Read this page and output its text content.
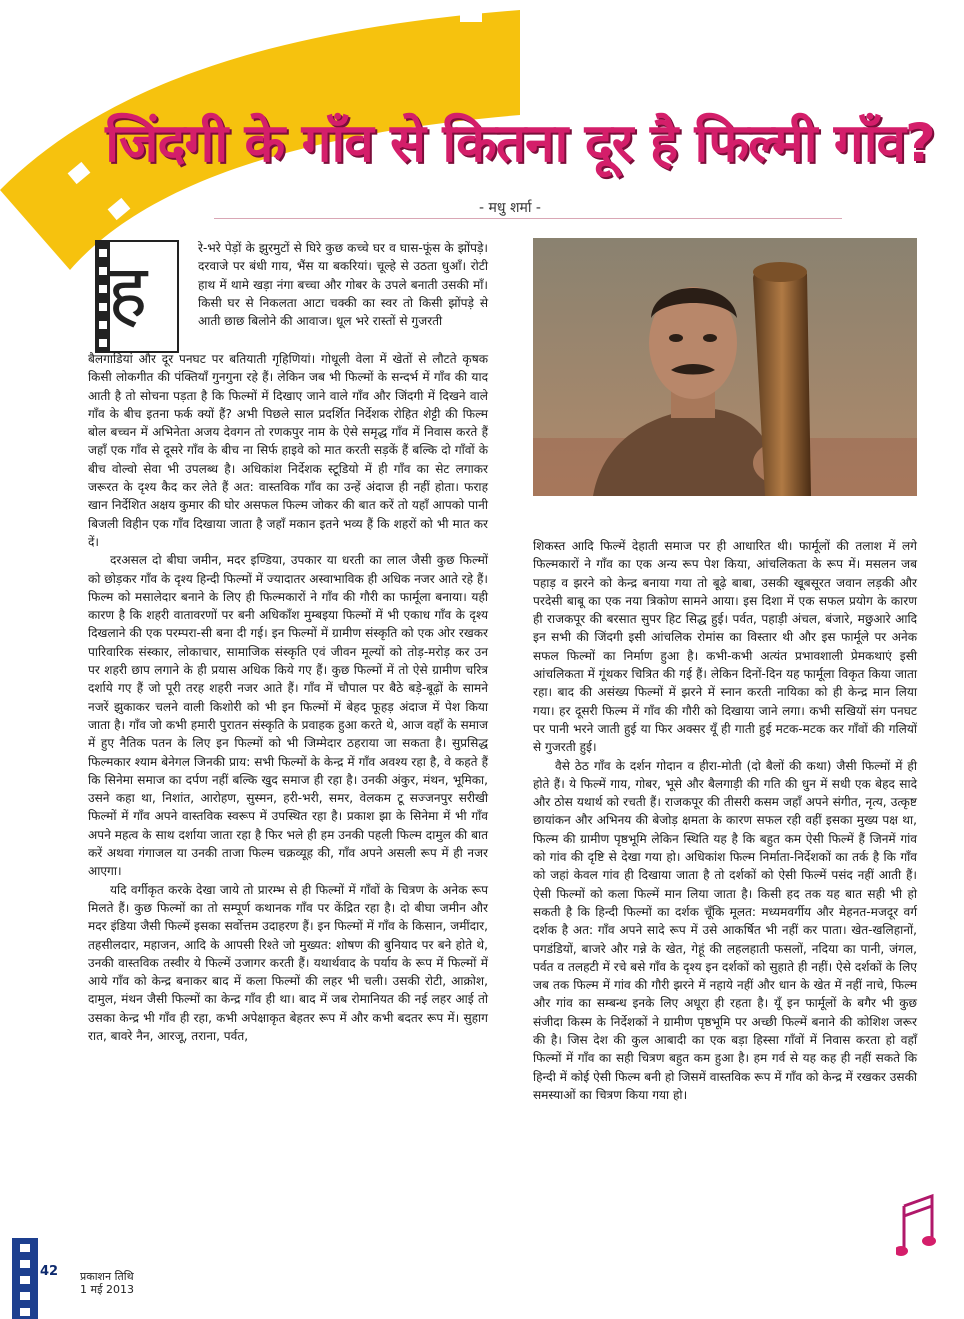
जिंदगी के गाँव से कितना दूर है फिल्मी गाँव?
- मधु शर्मा -
ह

रे-भरे पेड़ों के झुरमुटों से घिरे कुछ कच्चे घर व घास-फूंस के झोंपड़े। दरवाजे पर बंधी गाय, भैंस या बकरियां। चूल्हे से उठता धुआँ। रोटी हाथ में थामे खड़ा नंगा बच्चा और गोबर के उपले बनाती उसकी माँ। किसी घर से निकलता आटा चक्की का स्वर तो किसी झोंपड़े से आती छाछ बिलोने की आवाज। धूल भरे रास्तों से गुजरती

बैलगाडियां और दूर पनघट पर बतियाती गृहिणियां। गोधूली वेला में खेतों से लौटते कृषक किसी लोकगीत की पंक्तियाँ गुनगुना रहे हैं। लेकिन जब भी फिल्मों के सन्दर्भ में गाँव की याद आती है तो सोचना पड़ता है कि फिल्मों में दिखाए जाने वाले गाँव और जिंदगी में दिखने वाले गाँव के बीच इतना फर्क क्यों हैं? अभी पिछले साल प्रदर्शित निर्देशक रोहित शेट्टी की फिल्म बोल बच्चन में अभिनेता अजय देवगन तो रणकपुर नाम के ऐसे समृद्ध गाँव में निवास करते हैं जहाँ एक गाँव से दूसरे गाँव के बीच ना सिर्फ हाइवे को मात करती सड़कें हैं बल्कि दो गाँवों के बीच वोल्वो सेवा भी उपलब्ध है। अधिकांश निर्देशक स्टूडियो में ही गाँव का सेट लगाकर जरूरत के दृश्य कैद कर लेते हैं अत: वास्तविक गाँव का उन्हें अंदाज ही नहीं होता। फराह खान निर्देशित अक्षय कुमार की घोर असफल फिल्म जोकर की बात करें तो यहाँ आपको पानी बिजली विहीन एक गाँव दिखाया जाता है जहाँ मकान इतने भव्य हैं कि शहरों को भी मात कर दें।

दरअसल दो बीघा जमीन, मदर इण्डिया, उपकार या धरती का लाल जैसी कुछ फिल्मों को छोड़कर गाँव के दृश्य हिन्दी फिल्मों में ज्यादातर अस्वाभाविक ही अधिक नजर आते रहे हैं। फिल्म को मसालेदार बनाने के लिए ही फिल्मकारों ने गाँव की गौरी का फार्मूला बनाया। यही कारण है कि शहरी वातावरणों पर बनी अधिकाँश मुम्बइया फिल्मों में भी एकाध गाँव के दृश्य दिखलाने की एक परम्परा-सी बना दी गई। इन फिल्मों में ग्रामीण संस्कृति को एक ओर रखकर पारिवारिक संस्कार, लोकाचार, सामाजिक संस्कृति एवं जीवन मूल्यों को तोड़-मरोड़ कर उन पर शहरी छाप लगाने के ही प्रयास अधिक किये गए हैं। कुछ फिल्मों में तो ऐसे ग्रामीण चरित्र दर्शाये गए हैं जो पूरी तरह शहरी नजर आते हैं। गाँव में चौपाल पर बैठे बड़े-बूढ़ों के सामने नजरें झुकाकर चलने वाली किशोरी को भी इन फिल्मों में बेहद फूहड़ अंदाज में पेश किया जाता है। गाँव जो कभी हमारी पुरातन संस्कृति के प्रवाहक हुआ करते थे, आज वहाँ के समाज में हुए नैतिक पतन के लिए इन फिल्मों को भी जिम्मेदार ठहराया जा सकता है। सुप्रसिद्ध फिल्मकार श्याम बेनेगल जिनकी प्राय: सभी फिल्मों के केन्द्र में गाँव अवश्य रहा है, वे कहते हैं कि सिनेमा समाज का दर्पण नहीं बल्कि खुद समाज ही रहा है। उनकी अंकुर, मंथन, भूमिका, उसने कहा था, निशांत, आरोहण, सुस्मन, हरी-भरी, समर, वेलकम टू सज्जनपुर सरीखी फिल्मों में गाँव अपने वास्तविक स्वरूप में उपस्थित रहा है। प्रकाश झा के सिनेमा में भी गाँव अपने महत्व के साथ दर्शाया जाता रहा है फिर भले ही हम उनकी पहली फिल्म दामुल की बात करें अथवा गंगाजल या उनकी ताजा फिल्म चक्रव्यूह की, गाँव अपने असली रूप में ही नजर आएगा।

यदि वर्गीकृत करके देखा जाये तो प्रारम्भ से ही फिल्मों में गाँवों के चित्रण के अनेक रूप मिलते हैं। कुछ फिल्मों का तो सम्पूर्ण कथानक गाँव पर केंद्रित रहा है। दो बीघा जमीन और मदर इंडिया जैसी फिल्में इसका सर्वोत्तम उदाहरण हैं। इन फिल्मों में गाँव के किसान, जमींदार, तहसीलदार, महाजन, आदि के आपसी रिश्ते जो मुख्यत: शोषण की बुनियाद पर बने होते थे, उनकी वास्तविक तस्वीर ये फिल्में उजागर करती हैं। यथार्थवाद के पर्याय के रूप में फिल्मों में आये गाँव को केन्द्र बनाकर बाद में कला फिल्मों की लहर भी चली। उसकी रोटी, आक्रोश, दामुल, मंथन जैसी फिल्मों का केन्द्र गाँव ही था। बाद में जब रोमानियत की नई लहर आई तो उसका केन्द्र भी गाँव ही रहा, कभी अपेक्षाकृत बेहतर रूप में और कभी बदतर रूप में। सुहाग रात, बावरे नैन, आरजू, तराना, पर्वत,

शिकस्त आदि फिल्में देहाती समाज पर ही आधारित थी। फार्मूलों की तलाश में लगे फिल्मकारों ने गाँव का एक अन्य रूप पेश किया, आंचलिकता के रूप में। मसलन जब पहाड़ व झरने को केन्द्र बनाया गया तो बूढ़े बाबा, उसकी खूबसूरत जवान लड़की और परदेसी बाबू का एक नया त्रिकोण सामने आया। इस दिशा में एक सफल प्रयोग के कारण ही राजकपूर की बरसात सुपर हिट सिद्ध हुई। पर्वत, पहाड़ी अंचल, बंजारे, मछुआरे आदि इन सभी की जिंदगी इसी आंचलिक रोमांस का विस्तार थी और इस फार्मूले पर अनेक सफल फिल्मों का निर्माण हुआ है। कभी-कभी अत्यंत प्रभावशाली प्रेमकथाएं इसी आंचलिकता में गूंथकर चित्रित की गई हैं। लेकिन दिनों-दिन यह फार्मूला विकृत किया जाता रहा। बाद की असंख्य फिल्मों में झरने में स्नान करती नायिका को ही केन्द्र मान लिया गया। हर दूसरी फिल्म में गाँव की गौरी को दिखाया जाने लगा। कभी सखियों संग पनघट पर पानी भरने जाती हुई या फिर अक्सर यूँ ही गाती हुई मटक-मटक कर गाँवों की गलियों से गुजरती हुई।

वैसे ठेठ गाँव के दर्शन गोदान व हीरा-मोती (दो बैलों की कथा) जैसी फिल्मों में ही होते हैं। ये फिल्में गाय, गोबर, भूसे और बैलगाड़ी की गति की धुन में सधी एक बेहद सादे और ठोस यथार्थ को रचती हैं। राजकपूर की तीसरी कसम जहाँ अपने संगीत, नृत्य, उत्कृष्ट छायांकन और अभिनय की बेजोड़ क्षमता के कारण सफल रही वहीं इसका मुख्य पक्ष था, फिल्म की ग्रामीण पृष्ठभूमि लेकिन स्थिति यह है कि बहुत कम ऐसी फिल्में हैं जिनमें गांव को गांव की दृष्टि से देखा गया हो। अधिकांश फिल्म निर्माता-निर्देशकों का तर्क है कि गाँव को जहां केवल गांव ही दिखाया जाता है तो दर्शकों को ऐसी फिल्में पसंद नहीं आती हैं। ऐसी फिल्मों को कला फिल्में मान लिया जाता है। किसी हद तक यह बात सही भी हो सकती है कि हिन्दी फिल्मों का दर्शक चूँकि मूलत: मध्यमवर्गीय और मेहनत-मजदूर वर्ग दर्शक है अत: गाँव अपने सादे रूप में उसे आकर्षित भी नहीं कर पाता। खेत-खलिहानों, पगडंडियों, बाजरे और गन्ने के खेत, गेहूं की लहलहाती फसलों, नदिया का पानी, जंगल, पर्वत व तलहटी में रचे बसे गाँव के दृश्य इन दर्शकों को सुहाते ही नहीं। ऐसे दर्शकों के लिए जब तक फिल्म में गांव की गौरी झरने में नहाये नहीं और धान के खेत में नहीं नाचे, फिल्म और गांव का सम्बन्ध इनके लिए अधूरा ही रहता है। यूँ इन फार्मूलों के बगैर भी कुछ संजीदा किस्म के निर्देशकों ने ग्रामीण पृष्ठभूमि पर अच्छी फिल्में बनाने की कोशिश जरूर की है। जिस देश की कुल आबादी का एक बड़ा हिस्सा गाँवों में निवास करता हो वहाँ फिल्मों में गाँव का सही चित्रण बहुत कम हुआ है। हम गर्व से यह कह ही नहीं सकते कि हिन्दी में कोई ऐसी फिल्म बनी हो जिसमें वास्तविक रूप में गाँव को केन्द्र में रखकर उसकी समस्याओं का चित्रण किया गया हो।

42	प्रकाशन तिथि
1 मई 2013
